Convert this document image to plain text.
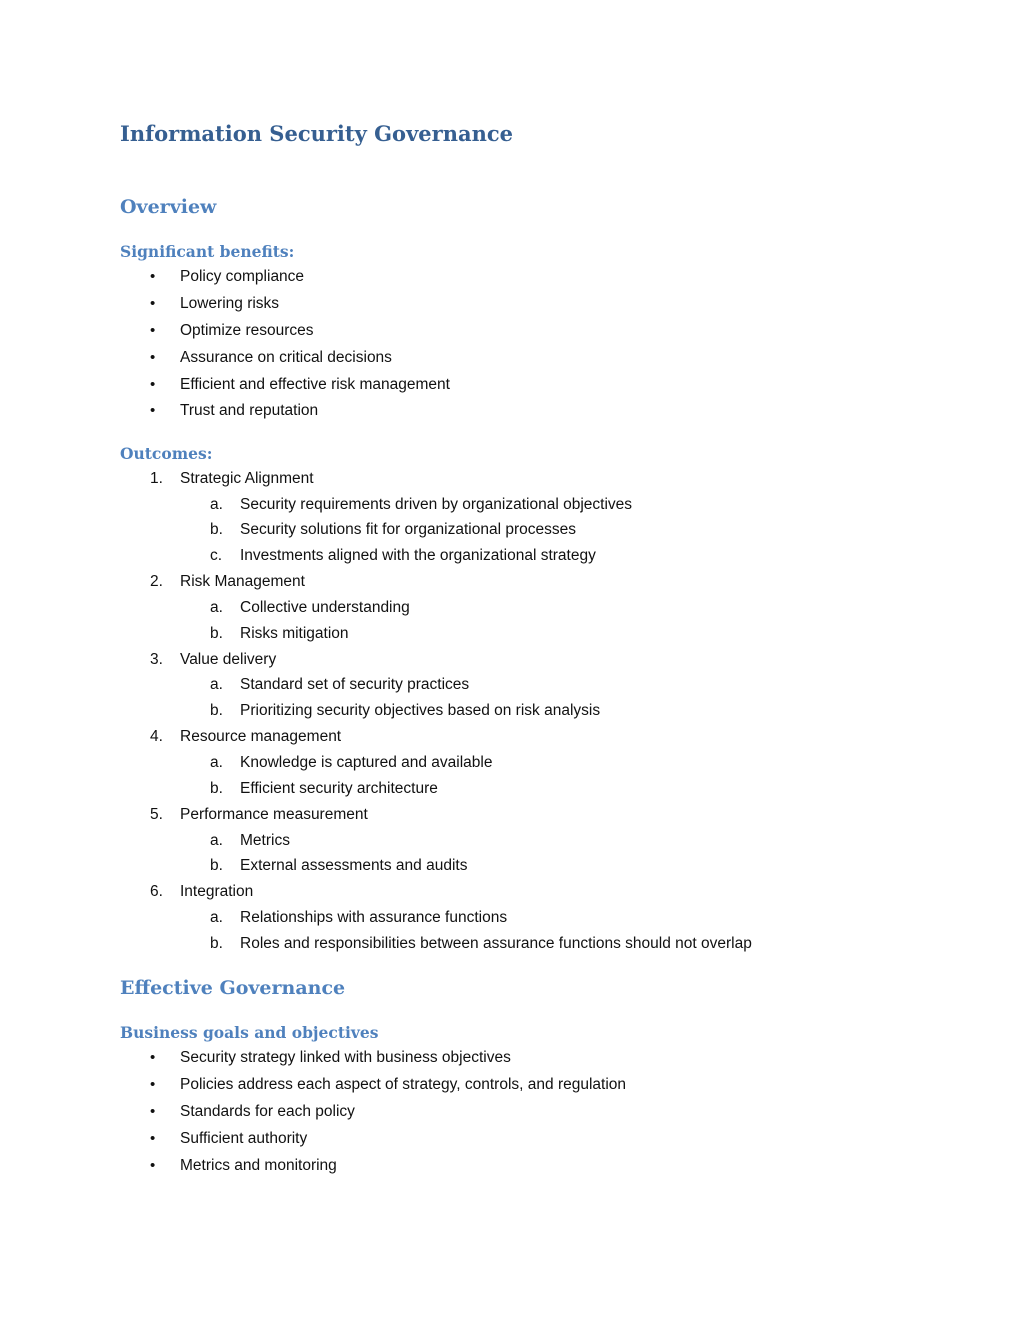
Information Security Governance
Overview
Significant benefits:
• Policy compliance
• Lowering risks
• Optimize resources
• Assurance on critical decisions
• Efficient and effective risk management
• Trust and reputation
Outcomes:
1. Strategic Alignment
a. Security requirements driven by organizational objectives
b. Security solutions fit for organizational processes
c. Investments aligned with the organizational strategy
2. Risk Management
a. Collective understanding
b. Risks mitigation
3. Value delivery
a. Standard set of security practices
b. Prioritizing security objectives based on risk analysis
4. Resource management
a. Knowledge is captured and available
b. Efficient security architecture
5. Performance measurement
a. Metrics
b. External assessments and audits
6. Integration
a. Relationships with assurance functions
b. Roles and responsibilities between assurance functions should not overlap
Effective Governance
Business goals and objectives
• Security strategy linked with business objectives
• Policies address each aspect of strategy, controls, and regulation
• Standards for each policy
• Sufficient authority
• Metrics and monitoring
